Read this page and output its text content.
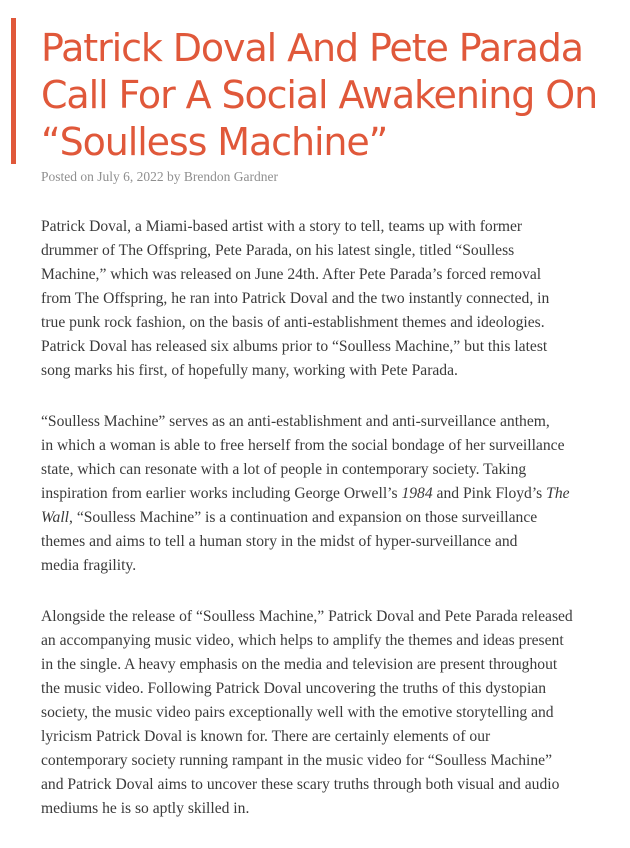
Patrick Doval And Pete Parada
Call For A Social Awakening On
“Soulless Machine”
Posted on July 6, 2022 by Brendon Gardner

Patrick Doval, a Miami-based artist with a story to tell, teams up with former
drummer of The Offspring, Pete Parada, on his latest single, titled “Soulless
Machine,” which was released on June 24th. After Pete Parada’s forced removal
from The Offspring, he ran into Patrick Doval and the two instantly connected, in
true punk rock fashion, on the basis of anti-establishment themes and ideologies.
Patrick Doval has released six albums prior to “Soulless Machine,” but this latest
song marks his first, of hopefully many, working with Pete Parada.

“Soulless Machine” serves as an anti-establishment and anti-surveillance anthem,
in which a woman is able to free herself from the social bondage of her surveillance
state, which can resonate with a lot of people in contemporary society. Taking
inspiration from earlier works including George Orwell’s 1984 and Pink Floyd’s The
Wall, “Soulless Machine” is a continuation and expansion on those surveillance
themes and aims to tell a human story in the midst of hyper-surveillance and
media fragility.

Alongside the release of “Soulless Machine,” Patrick Doval and Pete Parada released
an accompanying music video, which helps to amplify the themes and ideas present
in the single. A heavy emphasis on the media and television are present throughout
the music video. Following Patrick Doval uncovering the truths of this dystopian
society, the music video pairs exceptionally well with the emotive storytelling and
lyricism Patrick Doval is known for. There are certainly elements of our
contemporary society running rampant in the music video for “Soulless Machine”
and Patrick Doval aims to uncover these scary truths through both visual and audio
mediums he is so aptly skilled in.
